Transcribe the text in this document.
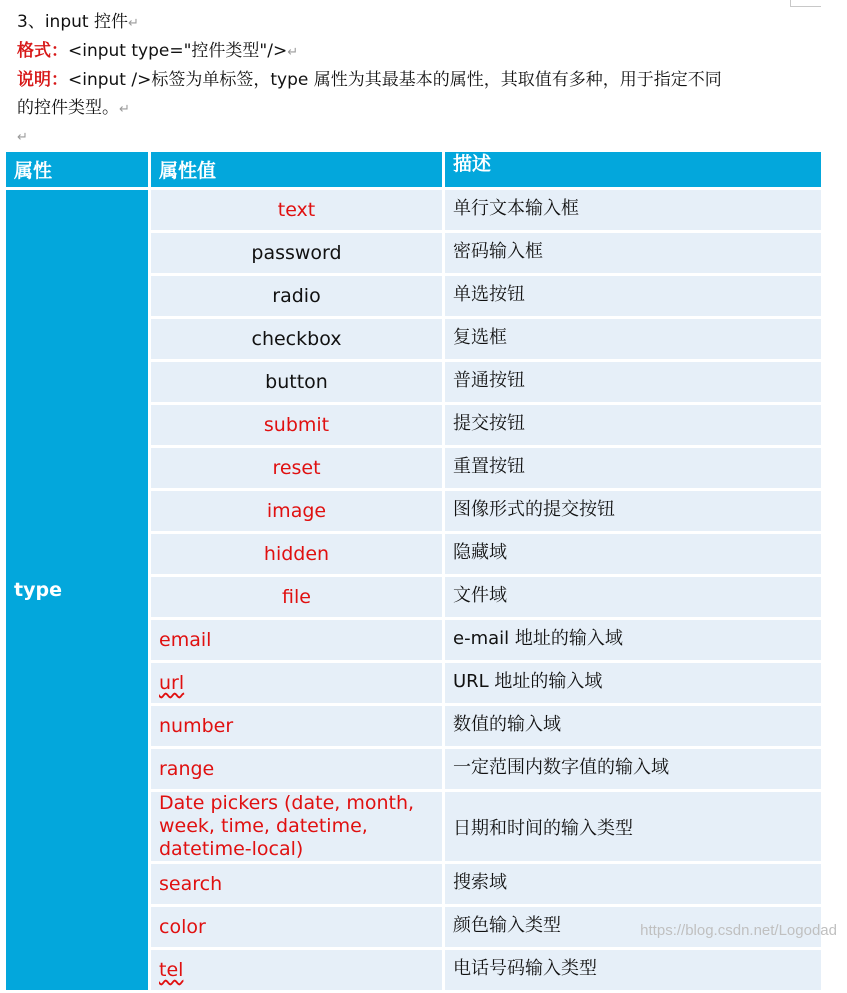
3、input 控件↵
格式：<input type="控件类型"/>↵
说明：<input />标签为单标签，type 属性为其最基本的属性，其取值有多种，用于指定不同
的控件类型。↵
↵
属性	属性值	描述
type	text	单行文本输入框
	password	密码输入框
	radio	单选按钮
	checkbox	复选框
	button	普通按钮
	submit	提交按钮
	reset	重置按钮
	image	图像形式的提交按钮
	hidden	隐藏域
	file	文件域
	email	e-mail 地址的输入域
	url	URL 地址的输入域
	number	数值的输入域
	range	一定范围内数字值的输入域
	Date pickers (date, month, week, time, datetime, datetime-local)	日期和时间的输入类型
	search	搜索域
	color	颜色输入类型
	tel	电话号码输入类型
https://blog.csdn.net/Logodad
